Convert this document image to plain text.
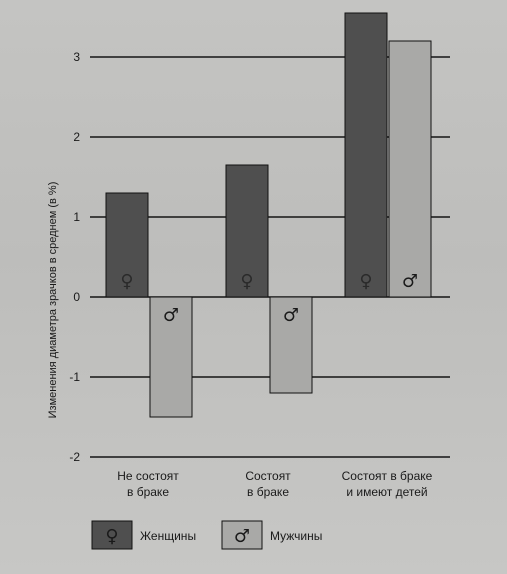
Изменения диаметра зрачков в среднем (в %)
3
2
1
0
-1
-2
♀	♀	♀
♂	♂
♂
Не состоят
в браке
Состоят
в браке
Состоят в браке
и имеют детей
♀ Женщины ♂ Мужчины
